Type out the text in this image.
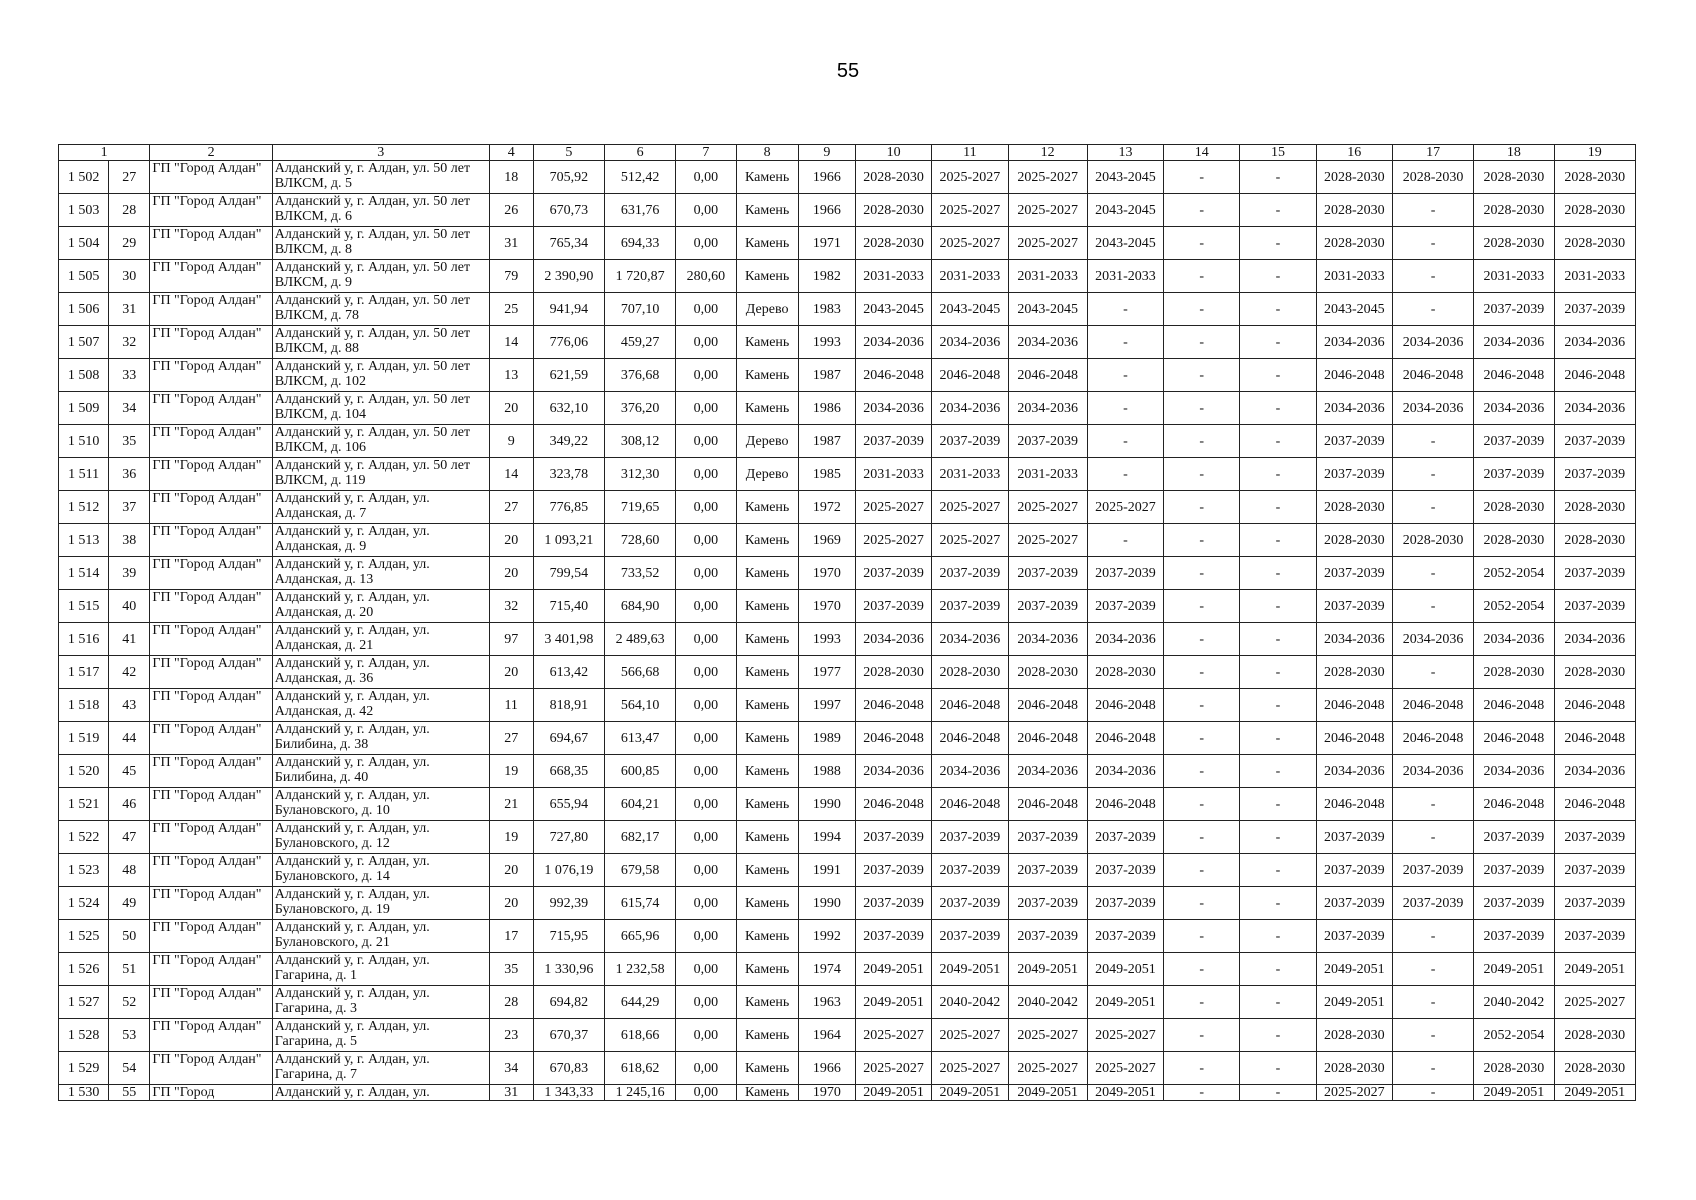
55
1		2	3	4	5	6	7	8	9	10	11	12	13	14	15	16	17	18	19
1 502	27	ГП "Город Алдан"	Алданский у, г. Алдан, ул. 50 лет ВЛКСМ, д. 5	18	705,92	512,42	0,00	Камень	1966	2028-2030	2025-2027	2025-2027	2043-2045	-	-	2028-2030	2028-2030	2028-2030	2028-2030
1 503	28	ГП "Город Алдан"	Алданский у, г. Алдан, ул. 50 лет ВЛКСМ, д. 6	26	670,73	631,76	0,00	Камень	1966	2028-2030	2025-2027	2025-2027	2043-2045	-	-	2028-2030	-	2028-2030	2028-2030
1 504	29	ГП "Город Алдан"	Алданский у, г. Алдан, ул. 50 лет ВЛКСМ, д. 8	31	765,34	694,33	0,00	Камень	1971	2028-2030	2025-2027	2025-2027	2043-2045	-	-	2028-2030	-	2028-2030	2028-2030
1 505	30	ГП "Город Алдан"	Алданский у, г. Алдан, ул. 50 лет ВЛКСМ, д. 9	79	2 390,90	1 720,87	280,60	Камень	1982	2031-2033	2031-2033	2031-2033	2031-2033	-	-	2031-2033	-	2031-2033	2031-2033
1 506	31	ГП "Город Алдан"	Алданский у, г. Алдан, ул. 50 лет ВЛКСМ, д. 78	25	941,94	707,10	0,00	Дерево	1983	2043-2045	2043-2045	2043-2045	-	-	-	2043-2045	-	2037-2039	2037-2039
1 507	32	ГП "Город Алдан"	Алданский у, г. Алдан, ул. 50 лет ВЛКСМ, д. 88	14	776,06	459,27	0,00	Камень	1993	2034-2036	2034-2036	2034-2036	-	-	-	2034-2036	2034-2036	2034-2036	2034-2036
1 508	33	ГП "Город Алдан"	Алданский у, г. Алдан, ул. 50 лет ВЛКСМ, д. 102	13	621,59	376,68	0,00	Камень	1987	2046-2048	2046-2048	2046-2048	-	-	-	2046-2048	2046-2048	2046-2048	2046-2048
1 509	34	ГП "Город Алдан"	Алданский у, г. Алдан, ул. 50 лет ВЛКСМ, д. 104	20	632,10	376,20	0,00	Камень	1986	2034-2036	2034-2036	2034-2036	-	-	-	2034-2036	2034-2036	2034-2036	2034-2036
1 510	35	ГП "Город Алдан"	Алданский у, г. Алдан, ул. 50 лет ВЛКСМ, д. 106	9	349,22	308,12	0,00	Дерево	1987	2037-2039	2037-2039	2037-2039	-	-	-	2037-2039	-	2037-2039	2037-2039
1 511	36	ГП "Город Алдан"	Алданский у, г. Алдан, ул. 50 лет ВЛКСМ, д. 119	14	323,78	312,30	0,00	Дерево	1985	2031-2033	2031-2033	2031-2033	-	-	-	2037-2039	-	2037-2039	2037-2039
1 512	37	ГП "Город Алдан"	Алданский у, г. Алдан, ул. Алданская, д. 7	27	776,85	719,65	0,00	Камень	1972	2025-2027	2025-2027	2025-2027	2025-2027	-	-	2028-2030	-	2028-2030	2028-2030
1 513	38	ГП "Город Алдан"	Алданский у, г. Алдан, ул. Алданская, д. 9	20	1 093,21	728,60	0,00	Камень	1969	2025-2027	2025-2027	2025-2027	-	-	-	2028-2030	2028-2030	2028-2030	2028-2030
1 514	39	ГП "Город Алдан"	Алданский у, г. Алдан, ул. Алданская, д. 13	20	799,54	733,52	0,00	Камень	1970	2037-2039	2037-2039	2037-2039	2037-2039	-	-	2037-2039	-	2052-2054	2037-2039
1 515	40	ГП "Город Алдан"	Алданский у, г. Алдан, ул. Алданская, д. 20	32	715,40	684,90	0,00	Камень	1970	2037-2039	2037-2039	2037-2039	2037-2039	-	-	2037-2039	-	2052-2054	2037-2039
1 516	41	ГП "Город Алдан"	Алданский у, г. Алдан, ул. Алданская, д. 21	97	3 401,98	2 489,63	0,00	Камень	1993	2034-2036	2034-2036	2034-2036	2034-2036	-	-	2034-2036	2034-2036	2034-2036	2034-2036
1 517	42	ГП "Город Алдан"	Алданский у, г. Алдан, ул. Алданская, д. 36	20	613,42	566,68	0,00	Камень	1977	2028-2030	2028-2030	2028-2030	2028-2030	-	-	2028-2030	-	2028-2030	2028-2030
1 518	43	ГП "Город Алдан"	Алданский у, г. Алдан, ул. Алданская, д. 42	11	818,91	564,10	0,00	Камень	1997	2046-2048	2046-2048	2046-2048	2046-2048	-	-	2046-2048	2046-2048	2046-2048	2046-2048
1 519	44	ГП "Город Алдан"	Алданский у, г. Алдан, ул. Билибина, д. 38	27	694,67	613,47	0,00	Камень	1989	2046-2048	2046-2048	2046-2048	2046-2048	-	-	2046-2048	2046-2048	2046-2048	2046-2048
1 520	45	ГП "Город Алдан"	Алданский у, г. Алдан, ул. Билибина, д. 40	19	668,35	600,85	0,00	Камень	1988	2034-2036	2034-2036	2034-2036	2034-2036	-	-	2034-2036	2034-2036	2034-2036	2034-2036
1 521	46	ГП "Город Алдан"	Алданский у, г. Алдан, ул. Булановского, д. 10	21	655,94	604,21	0,00	Камень	1990	2046-2048	2046-2048	2046-2048	2046-2048	-	-	2046-2048	-	2046-2048	2046-2048
1 522	47	ГП "Город Алдан"	Алданский у, г. Алдан, ул. Булановского, д. 12	19	727,80	682,17	0,00	Камень	1994	2037-2039	2037-2039	2037-2039	2037-2039	-	-	2037-2039	-	2037-2039	2037-2039
1 523	48	ГП "Город Алдан"	Алданский у, г. Алдан, ул. Булановского, д. 14	20	1 076,19	679,58	0,00	Камень	1991	2037-2039	2037-2039	2037-2039	2037-2039	-	-	2037-2039	2037-2039	2037-2039	2037-2039
1 524	49	ГП "Город Алдан"	Алданский у, г. Алдан, ул. Булановского, д. 19	20	992,39	615,74	0,00	Камень	1990	2037-2039	2037-2039	2037-2039	2037-2039	-	-	2037-2039	2037-2039	2037-2039	2037-2039
1 525	50	ГП "Город Алдан"	Алданский у, г. Алдан, ул. Булановского, д. 21	17	715,95	665,96	0,00	Камень	1992	2037-2039	2037-2039	2037-2039	2037-2039	-	-	2037-2039	-	2037-2039	2037-2039
1 526	51	ГП "Город Алдан"	Алданский у, г. Алдан, ул. Гагарина, д. 1	35	1 330,96	1 232,58	0,00	Камень	1974	2049-2051	2049-2051	2049-2051	2049-2051	-	-	2049-2051	-	2049-2051	2049-2051
1 527	52	ГП "Город Алдан"	Алданский у, г. Алдан, ул. Гагарина, д. 3	28	694,82	644,29	0,00	Камень	1963	2049-2051	2040-2042	2040-2042	2049-2051	-	-	2049-2051	-	2040-2042	2025-2027
1 528	53	ГП "Город Алдан"	Алданский у, г. Алдан, ул. Гагарина, д. 5	23	670,37	618,66	0,00	Камень	1964	2025-2027	2025-2027	2025-2027	2025-2027	-	-	2028-2030	-	2052-2054	2028-2030
1 529	54	ГП "Город Алдан"	Алданский у, г. Алдан, ул. Гагарина, д. 7	34	670,83	618,62	0,00	Камень	1966	2025-2027	2025-2027	2025-2027	2025-2027	-	-	2028-2030	-	2028-2030	2028-2030
1 530	55	ГП "Город	Алданский у, г. Алдан, ул.	31	1 343,33	1 245,16	0,00	Камень	1970	2049-2051	2049-2051	2049-2051	2049-2051	-	-	2025-2027	-	2049-2051	2049-2051
